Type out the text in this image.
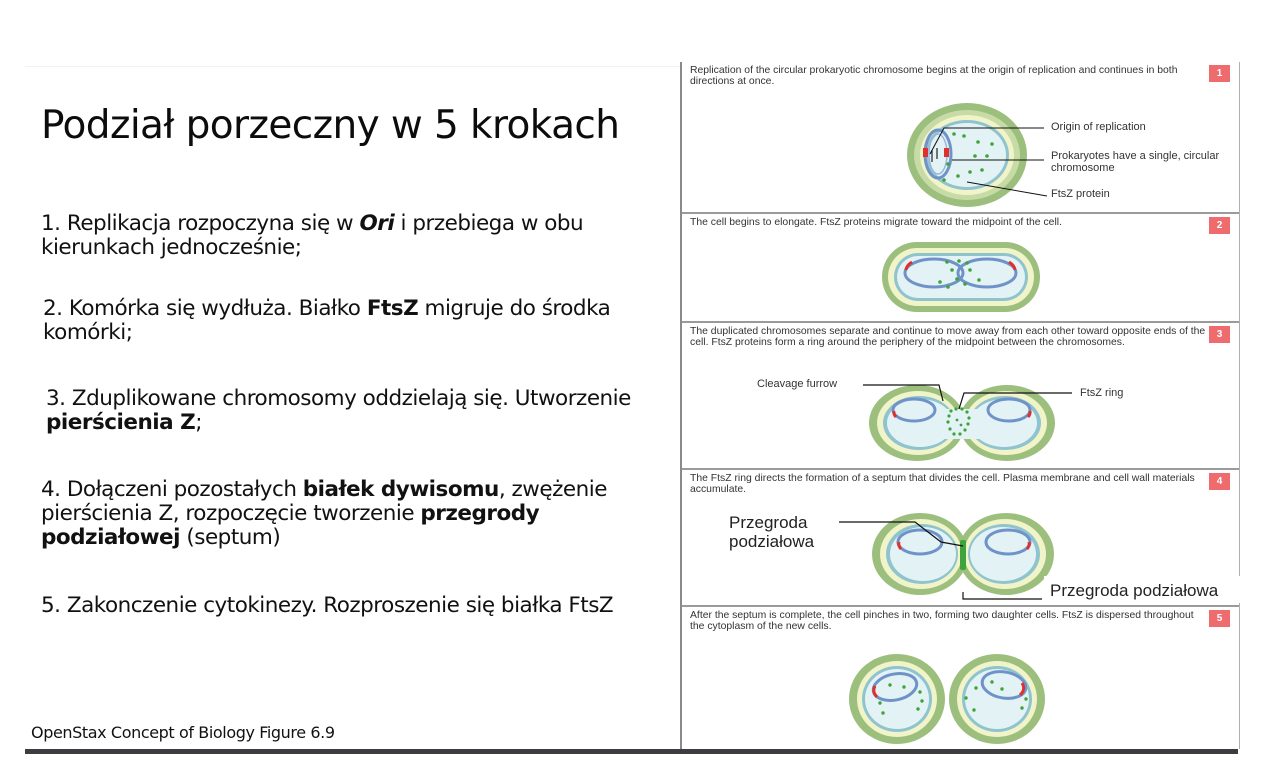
Podział porzeczny w 5 krokach
1. Replikacja rozpoczyna się w Ori i przebiega w obu kierunkach jednocześnie;
2. Komórka się wydłuża. Białko FtsZ migruje do środka komórki;
3. Zduplikowane chromosomy oddzielają się. Utworzenie pierścienia Z;
4. Dołączeni pozostałych białek dywisomu, zwężenie pierścienia Z, rozpoczęcie tworzenie przegrody podziałowej (septum)
5. Zakonczenie cytokinezy. Rozproszenie się białka FtsZ
OpenStax Concept of Biology Figure 6.9
Replication of the circular prokaryotic chromosome begins at the origin of replication and continues in both directions at once.
1
Origin of replication
Prokaryotes have a single, circular chromosome
FtsZ protein
The cell begins to elongate. FtsZ proteins migrate toward the midpoint of the cell.	2
The duplicated chromosomes separate and continue to move away from each other toward opposite ends of the cell. FtsZ proteins form a ring around the periphery of the midpoint between the chromosomes.
3
Cleavage furrow
FtsZ ring
The FtsZ ring directs the formation of a septum that divides the cell. Plasma membrane and cell wall materials accumulate.
4
Przegroda podziałowa
Przegroda podziałowa
After the septum is complete, the cell pinches in two, forming two daughter cells. FtsZ is dispersed throughout the cytoplasm of the new cells.
5
